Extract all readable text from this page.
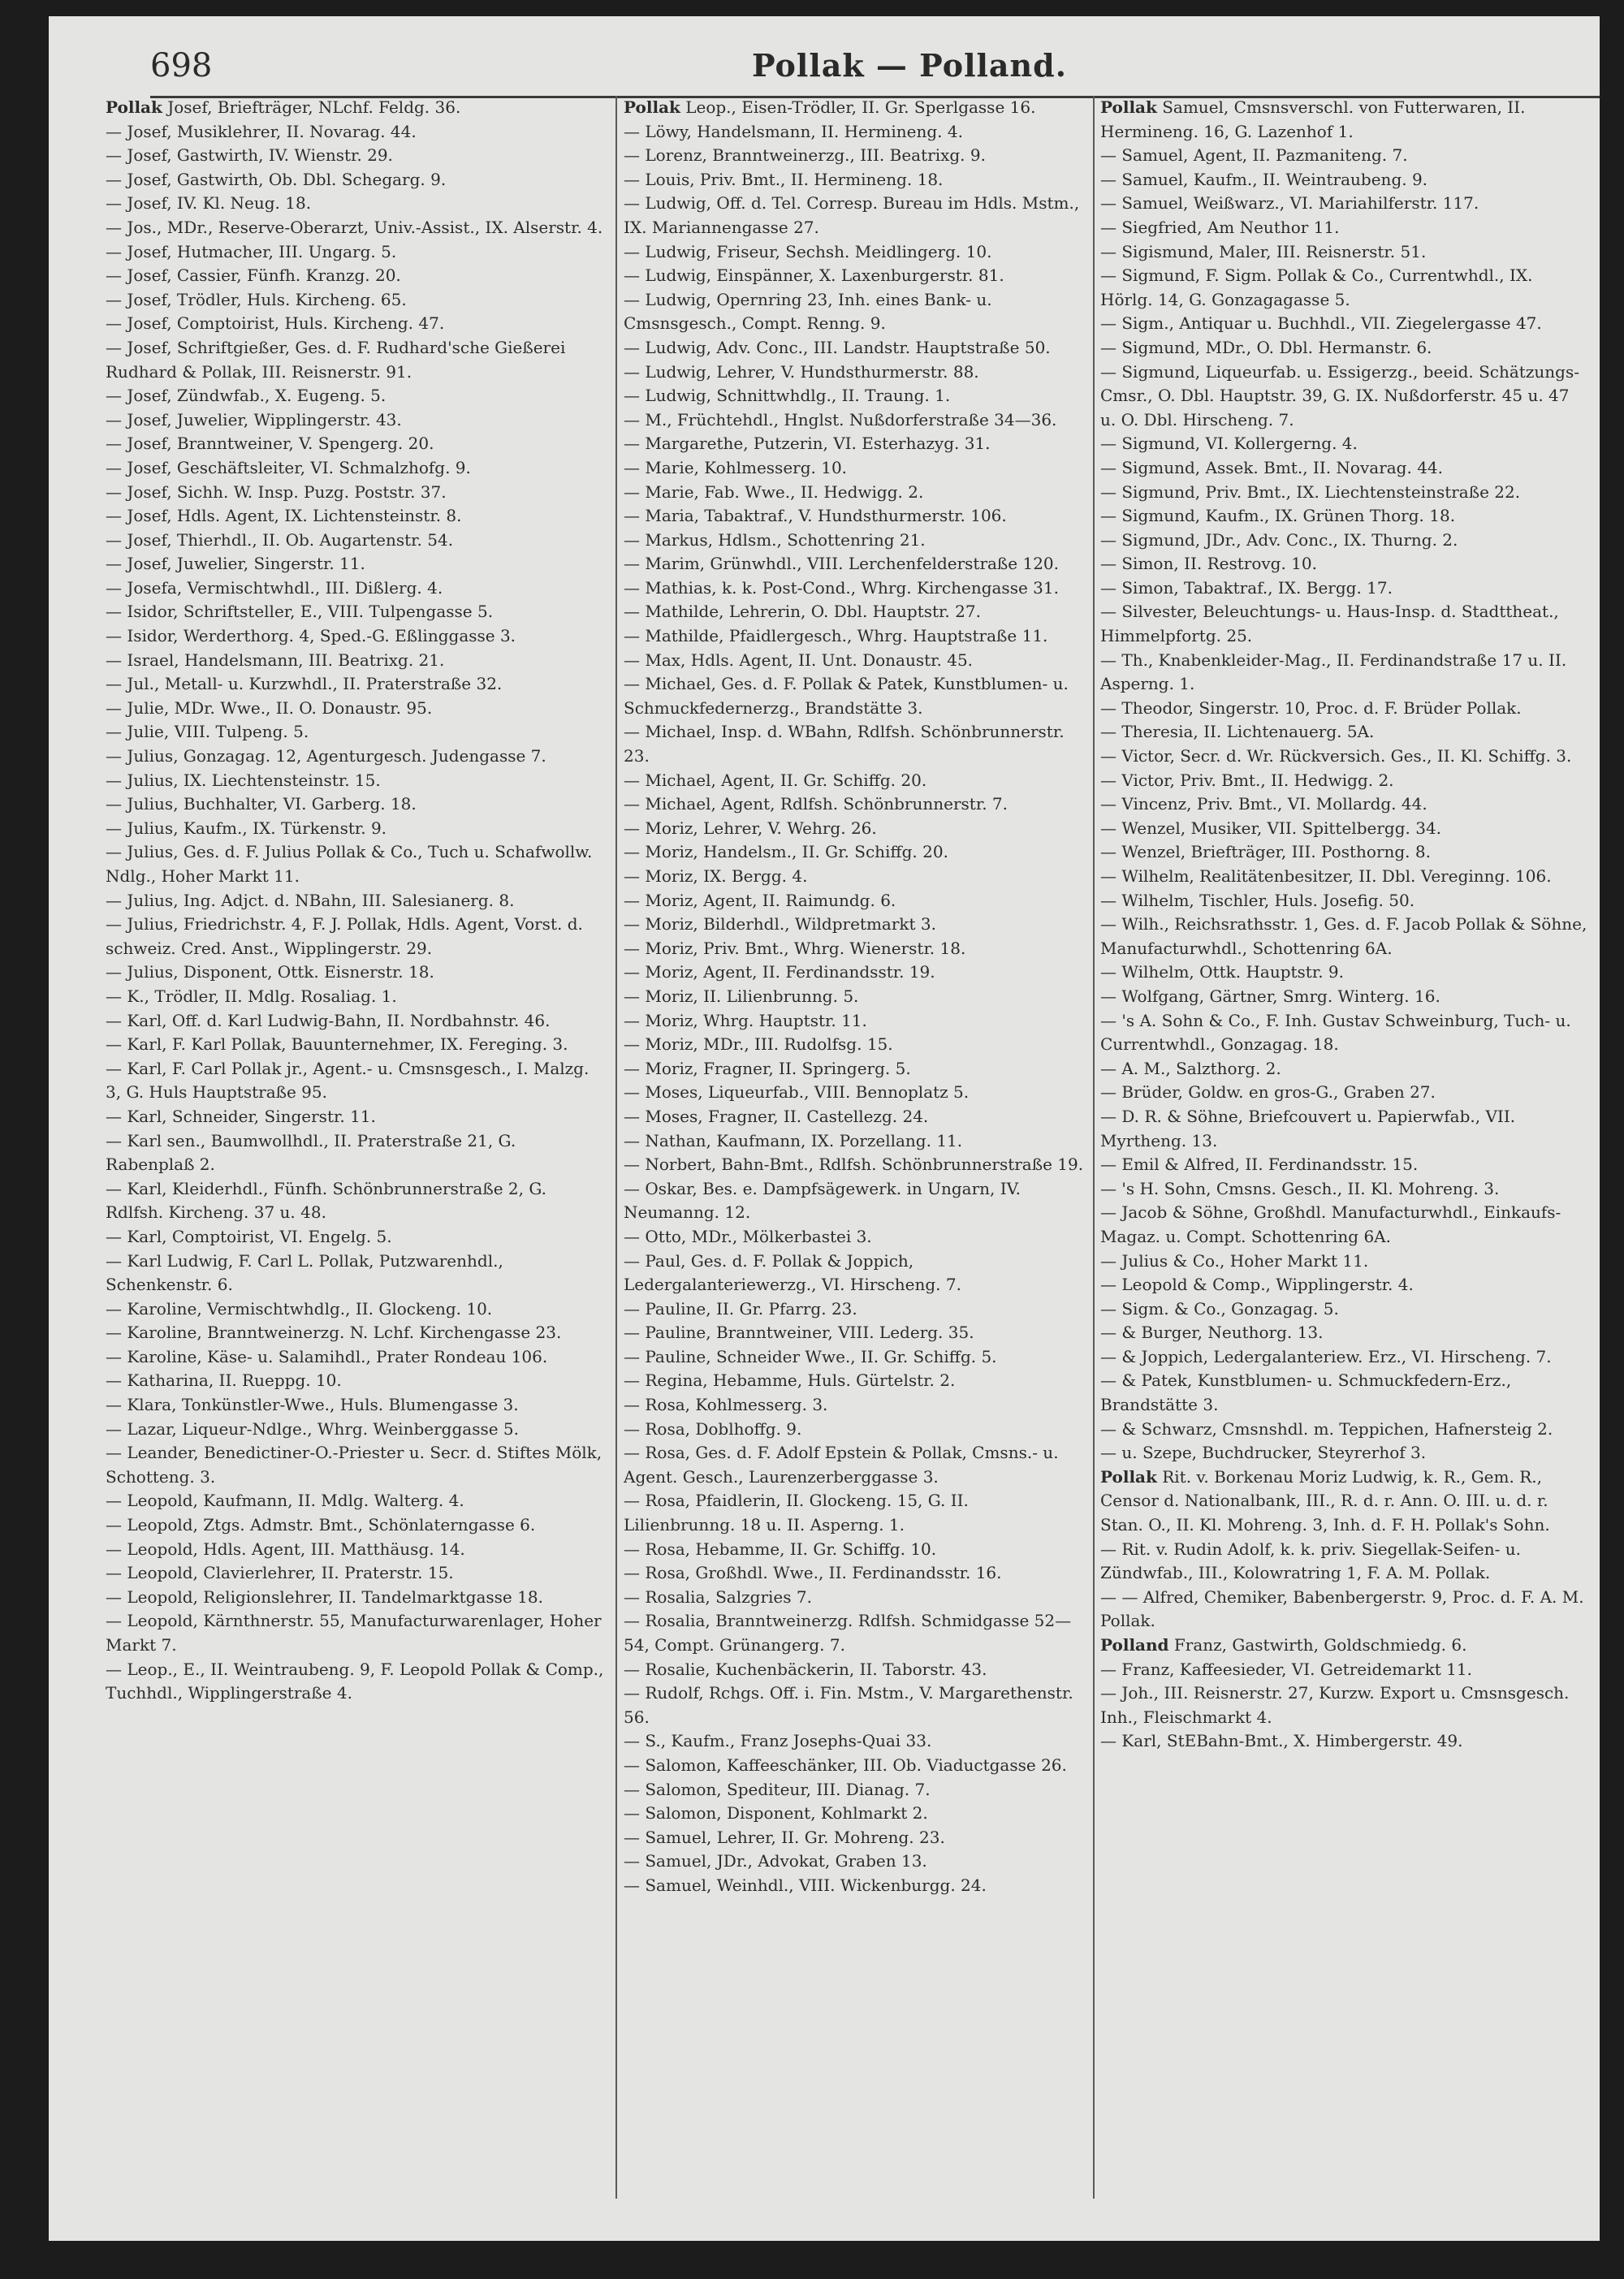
698	Pollak — Polland.

Pollak Josef, Briefträger, NLchf. Feldg. 36.

— Josef, Musiklehrer, II. Novarag. 44.

— Josef, Gastwirth, IV. Wienstr. 29.

— Josef, Gastwirth, Ob. Dbl. Schegarg. 9.

— Josef, IV. Kl. Neug. 18.

— Jos., MDr., Reserve-Oberarzt, Univ.-Assist., IX. Alserstr. 4.

— Josef, Hutmacher, III. Ungarg. 5.

— Josef, Cassier, Fünfh. Kranzg. 20.

— Josef, Trödler, Huls. Kircheng. 65.

— Josef, Comptoirist, Huls. Kircheng. 47.

— Josef, Schriftgießer, Ges. d. F. Rudhard'sche Gießerei Rudhard & Pollak, III. Reisnerstr. 91.

— Josef, Zündwfab., X. Eugeng. 5.

— Josef, Juwelier, Wipplingerstr. 43.

— Josef, Branntweiner, V. Spengerg. 20.

— Josef, Geschäftsleiter, VI. Schmalzhofg. 9.

— Josef, Sichh. W. Insp. Puzg. Poststr. 37.

— Josef, Hdls. Agent, IX. Lichtensteinstr. 8.

— Josef, Thierhdl., II. Ob. Augartenstr. 54.

— Josef, Juwelier, Singerstr. 11.

— Josefa, Vermischtwhdl., III. Dißlerg. 4.

— Isidor, Schriftsteller, E., VIII. Tulpengasse 5.

— Isidor, Werderthorg. 4, Sped.-G. Eßlinggasse 3.

— Israel, Handelsmann, III. Beatrixg. 21.

— Jul., Metall- u. Kurzwhdl., II. Praterstraße 32.

— Julie, MDr. Wwe., II. O. Donaustr. 95.

— Julie, VIII. Tulpeng. 5.

— Julius, Gonzagag. 12, Agenturgesch. Judengasse 7.

— Julius, IX. Liechtensteinstr. 15.

— Julius, Buchhalter, VI. Garberg. 18.

— Julius, Kaufm., IX. Türkenstr. 9.

— Julius, Ges. d. F. Julius Pollak & Co., Tuch u. Schafwollw. Ndlg., Hoher Markt 11.

— Julius, Ing. Adjct. d. NBahn, III. Salesianerg. 8.

— Julius, Friedrichstr. 4, F. J. Pollak, Hdls. Agent, Vorst. d. schweiz. Cred. Anst., Wipplingerstr. 29.

— Julius, Disponent, Ottk. Eisnerstr. 18.

— K., Trödler, II. Mdlg. Rosaliag. 1.

— Karl, Off. d. Karl Ludwig-Bahn, II. Nordbahnstr. 46.

— Karl, F. Karl Pollak, Bauunternehmer, IX. Fereging. 3.

— Karl, F. Carl Pollak jr., Agent.- u. Cmsnsgesch., I. Malzg. 3, G. Huls Hauptstraße 95.

— Karl, Schneider, Singerstr. 11.

— Karl sen., Baumwollhdl., II. Praterstraße 21, G. Rabenplaß 2.

— Karl, Kleiderhdl., Fünfh. Schönbrunnerstraße 2, G. Rdlfsh. Kircheng. 37 u. 48.

— Karl, Comptoirist, VI. Engelg. 5.

— Karl Ludwig, F. Carl L. Pollak, Putzwarenhdl., Schenkenstr. 6.

— Karoline, Vermischtwhdlg., II. Glockeng. 10.

— Karoline, Branntweinerzg. N. Lchf. Kirchengasse 23.

— Karoline, Käse- u. Salamihdl., Prater Rondeau 106.

— Katharina, II. Rueppg. 10.

— Klara, Tonkünstler-Wwe., Huls. Blumengasse 3.

— Lazar, Liqueur-Ndlge., Whrg. Weinberggasse 5.

— Leander, Benedictiner-O.-Priester u. Secr. d. Stiftes Mölk, Schotteng. 3.

— Leopold, Kaufmann, II. Mdlg. Walterg. 4.

— Leopold, Ztgs. Admstr. Bmt., Schönlaterngasse 6.

— Leopold, Hdls. Agent, III. Matthäusg. 14.

— Leopold, Clavierlehrer, II. Praterstr. 15.

— Leopold, Religionslehrer, II. Tandelmarktgasse 18.

— Leopold, Kärnthnerstr. 55, Manufacturwarenlager, Hoher Markt 7.

— Leop., E., II. Weintraubeng. 9, F. Leopold Pollak & Comp., Tuchhdl., Wipplingerstraße 4.

Pollak Leop., Eisen-Trödler, II. Gr. Sperlgasse 16.

— Löwy, Handelsmann, II. Hermineng. 4.

— Lorenz, Branntweinerzg., III. Beatrixg. 9.

— Louis, Priv. Bmt., II. Hermineng. 18.

— Ludwig, Off. d. Tel. Corresp. Bureau im Hdls. Mstm., IX. Mariannengasse 27.

— Ludwig, Friseur, Sechsh. Meidlingerg. 10.

— Ludwig, Einspänner, X. Laxenburgerstr. 81.

— Ludwig, Opernring 23, Inh. eines Bank- u. Cmsnsgesch., Compt. Renng. 9.

— Ludwig, Adv. Conc., III. Landstr. Hauptstraße 50.

— Ludwig, Lehrer, V. Hundsthurmerstr. 88.

— Ludwig, Schnittwhdlg., II. Traung. 1.

— M., Früchtehdl., Hnglst. Nußdorferstraße 34—36.

— Margarethe, Putzerin, VI. Esterhazyg. 31.

— Marie, Kohlmesserg. 10.

— Marie, Fab. Wwe., II. Hedwigg. 2.

— Maria, Tabaktraf., V. Hundsthurmerstr. 106.

— Markus, Hdlsm., Schottenring 21.

— Marim, Grünwhdl., VIII. Lerchenfelderstraße 120.

— Mathias, k. k. Post-Cond., Whrg. Kirchengasse 31.

— Mathilde, Lehrerin, O. Dbl. Hauptstr. 27.

— Mathilde, Pfaidlergesch., Whrg. Hauptstraße 11.

— Max, Hdls. Agent, II. Unt. Donaustr. 45.

— Michael, Ges. d. F. Pollak & Patek, Kunstblumen- u. Schmuckfedernerzg., Brandstätte 3.

— Michael, Insp. d. WBahn, Rdlfsh. Schönbrunnerstr. 23.

— Michael, Agent, II. Gr. Schiffg. 20.

— Michael, Agent, Rdlfsh. Schönbrunnerstr. 7.

— Moriz, Lehrer, V. Wehrg. 26.

— Moriz, Handelsm., II. Gr. Schiffg. 20.

— Moriz, IX. Bergg. 4.

— Moriz, Agent, II. Raimundg. 6.

— Moriz, Bilderhdl., Wildpretmarkt 3.

— Moriz, Priv. Bmt., Whrg. Wienerstr. 18.

— Moriz, Agent, II. Ferdinandsstr. 19.

— Moriz, II. Lilienbrunng. 5.

— Moriz, Whrg. Hauptstr. 11.

— Moriz, MDr., III. Rudolfsg. 15.

— Moriz, Fragner, II. Springerg. 5.

— Moses, Liqueurfab., VIII. Bennoplatz 5.

— Moses, Fragner, II. Castellezg. 24.

— Nathan, Kaufmann, IX. Porzellang. 11.

— Norbert, Bahn-Bmt., Rdlfsh. Schönbrunnerstraße 19.

— Oskar, Bes. e. Dampfsägewerk. in Ungarn, IV. Neumanng. 12.

— Otto, MDr., Mölkerbastei 3.

— Paul, Ges. d. F. Pollak & Joppich, Ledergalanteriewerzg., VI. Hirscheng. 7.

— Pauline, II. Gr. Pfarrg. 23.

— Pauline, Branntweiner, VIII. Lederg. 35.

— Pauline, Schneider Wwe., II. Gr. Schiffg. 5.

— Regina, Hebamme, Huls. Gürtelstr. 2.

— Rosa, Kohlmesserg. 3.

— Rosa, Doblhoffg. 9.

— Rosa, Ges. d. F. Adolf Epstein & Pollak, Cmsns.- u. Agent. Gesch., Laurenzerberggasse 3.

— Rosa, Pfaidlerin, II. Glockeng. 15, G. II. Lilienbrunng. 18 u. II. Asperng. 1.

— Rosa, Hebamme, II. Gr. Schiffg. 10.

— Rosa, Großhdl. Wwe., II. Ferdinandsstr. 16.

— Rosalia, Salzgries 7.

— Rosalia, Branntweinerzg. Rdlfsh. Schmidgasse 52—54, Compt. Grünangerg. 7.

— Rosalie, Kuchenbäckerin, II. Taborstr. 43.

— Rudolf, Rchgs. Off. i. Fin. Mstm., V. Margarethenstr. 56.

— S., Kaufm., Franz Josephs-Quai 33.

— Salomon, Kaffeeschänker, III. Ob. Viaductgasse 26.

— Salomon, Spediteur, III. Dianag. 7.

— Salomon, Disponent, Kohlmarkt 2.

— Samuel, Lehrer, II. Gr. Mohreng. 23.

— Samuel, JDr., Advokat, Graben 13.

— Samuel, Weinhdl., VIII. Wickenburgg. 24.

Pollak Samuel, Cmsnsverschl. von Futterwaren, II. Hermineng. 16, G. Lazenhof 1.

— Samuel, Agent, II. Pazmaniteng. 7.

— Samuel, Kaufm., II. Weintraubeng. 9.

— Samuel, Weißwarz., VI. Mariahilferstr. 117.

— Siegfried, Am Neuthor 11.

— Sigismund, Maler, III. Reisnerstr. 51.

— Sigmund, F. Sigm. Pollak & Co., Currentwhdl., IX. Hörlg. 14, G. Gonzagagasse 5.

— Sigm., Antiquar u. Buchhdl., VII. Ziegelergasse 47.

— Sigmund, MDr., O. Dbl. Hermanstr. 6.

— Sigmund, Liqueurfab. u. Essigerzg., beeid. Schätzungs-Cmsr., O. Dbl. Hauptstr. 39, G. IX. Nußdorferstr. 45 u. 47 u. O. Dbl. Hirscheng. 7.

— Sigmund, VI. Kollergerng. 4.

— Sigmund, Assek. Bmt., II. Novarag. 44.

— Sigmund, Priv. Bmt., IX. Liechtensteinstraße 22.

— Sigmund, Kaufm., IX. Grünen Thorg. 18.

— Sigmund, JDr., Adv. Conc., IX. Thurng. 2.

— Simon, II. Restrovg. 10.

— Simon, Tabaktraf., IX. Bergg. 17.

— Silvester, Beleuchtungs- u. Haus-Insp. d. Stadttheat., Himmelpfortg. 25.

— Th., Knabenkleider-Mag., II. Ferdinandstraße 17 u. II. Asperng. 1.

— Theodor, Singerstr. 10, Proc. d. F. Brüder Pollak.

— Theresia, II. Lichtenauerg. 5A.

— Victor, Secr. d. Wr. Rückversich. Ges., II. Kl. Schiffg. 3.

— Victor, Priv. Bmt., II. Hedwigg. 2.

— Vincenz, Priv. Bmt., VI. Mollardg. 44.

— Wenzel, Musiker, VII. Spittelbergg. 34.

— Wenzel, Briefträger, III. Posthorng. 8.

— Wilhelm, Realitätenbesitzer, II. Dbl. Vereginng. 106.

— Wilhelm, Tischler, Huls. Josefig. 50.

— Wilh., Reichsrathsstr. 1, Ges. d. F. Jacob Pollak & Söhne, Manufacturwhdl., Schottenring 6A.

— Wilhelm, Ottk. Hauptstr. 9.

— Wolfgang, Gärtner, Smrg. Winterg. 16.

— 's A. Sohn & Co., F. Inh. Gustav Schweinburg, Tuch- u. Currentwhdl., Gonzagag. 18.

— A. M., Salzthorg. 2.

— Brüder, Goldw. en gros-G., Graben 27.

— D. R. & Söhne, Briefcouvert u. Papierwfab., VII. Myrtheng. 13.

— Emil & Alfred, II. Ferdinandsstr. 15.

— 's H. Sohn, Cmsns. Gesch., II. Kl. Mohreng. 3.

— Jacob & Söhne, Großhdl. Manufacturwhdl., Einkaufs-Magaz. u. Compt. Schottenring 6A.

— Julius & Co., Hoher Markt 11.

— Leopold & Comp., Wipplingerstr. 4.

— Sigm. & Co., Gonzagag. 5.

— & Burger, Neuthorg. 13.

— & Joppich, Ledergalanteriew. Erz., VI. Hirscheng. 7.

— & Patek, Kunstblumen- u. Schmuckfedern-Erz., Brandstätte 3.

— & Schwarz, Cmsnshdl. m. Teppichen, Hafnersteig 2.

— u. Szepe, Buchdrucker, Steyrerhof 3.

Pollak Rit. v. Borkenau Moriz Ludwig, k. R., Gem. R., Censor d. Nationalbank, III., R. d. r. Ann. O. III. u. d. r. Stan. O., II. Kl. Mohreng. 3, Inh. d. F. H. Pollak's Sohn.

— Rit. v. Rudin Adolf, k. k. priv. Siegellak-Seifen- u. Zündwfab., III., Kolowratring 1, F. A. M. Pollak.

— — Alfred, Chemiker, Babenbergerstr. 9, Proc. d. F. A. M. Pollak.

Polland Franz, Gastwirth, Goldschmiedg. 6.

— Franz, Kaffeesieder, VI. Getreidemarkt 11.

— Joh., III. Reisnerstr. 27, Kurzw. Export u. Cmsnsgesch. Inh., Fleischmarkt 4.

— Karl, StEBahn-Bmt., X. Himbergerstr. 49.
